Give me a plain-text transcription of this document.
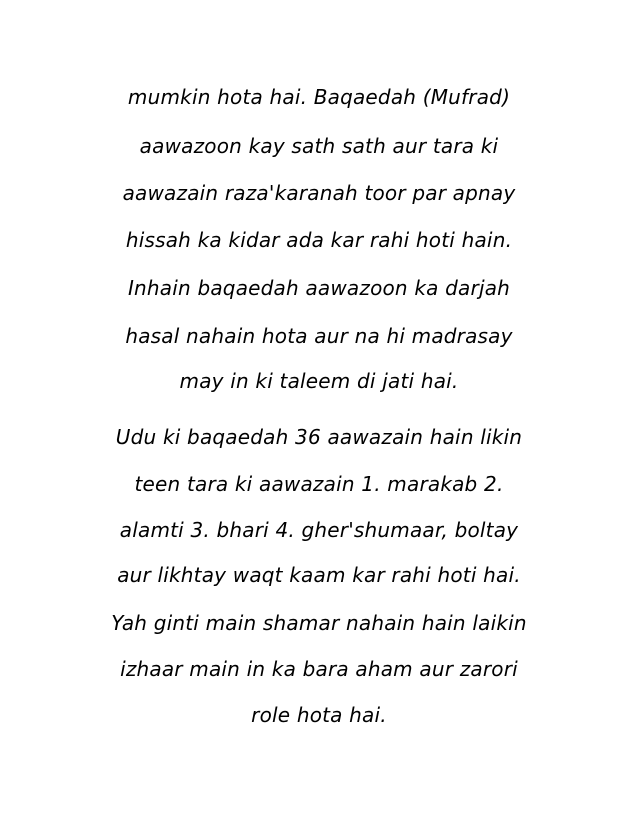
mumkin hota hai. Baqaedah (Mufrad)
aawazoon kay sath sath aur tara ki
aawazain raza'karanah toor par apnay
hissah ka kidar ada kar rahi hoti hain.
Inhain baqaedah aawazoon ka darjah
hasal nahain hota aur na hi madrasay
may in ki taleem di jati hai.
Udu ki baqaedah 36 aawazain hain likin
teen tara ki aawazain 1. marakab 2.
alamti 3. bhari 4. gher'shumaar, boltay
aur likhtay waqt kaam kar rahi hoti hai.
Yah ginti main shamar nahain hain laikin
izhaar main in ka bara aham aur zarori
role hota hai.
